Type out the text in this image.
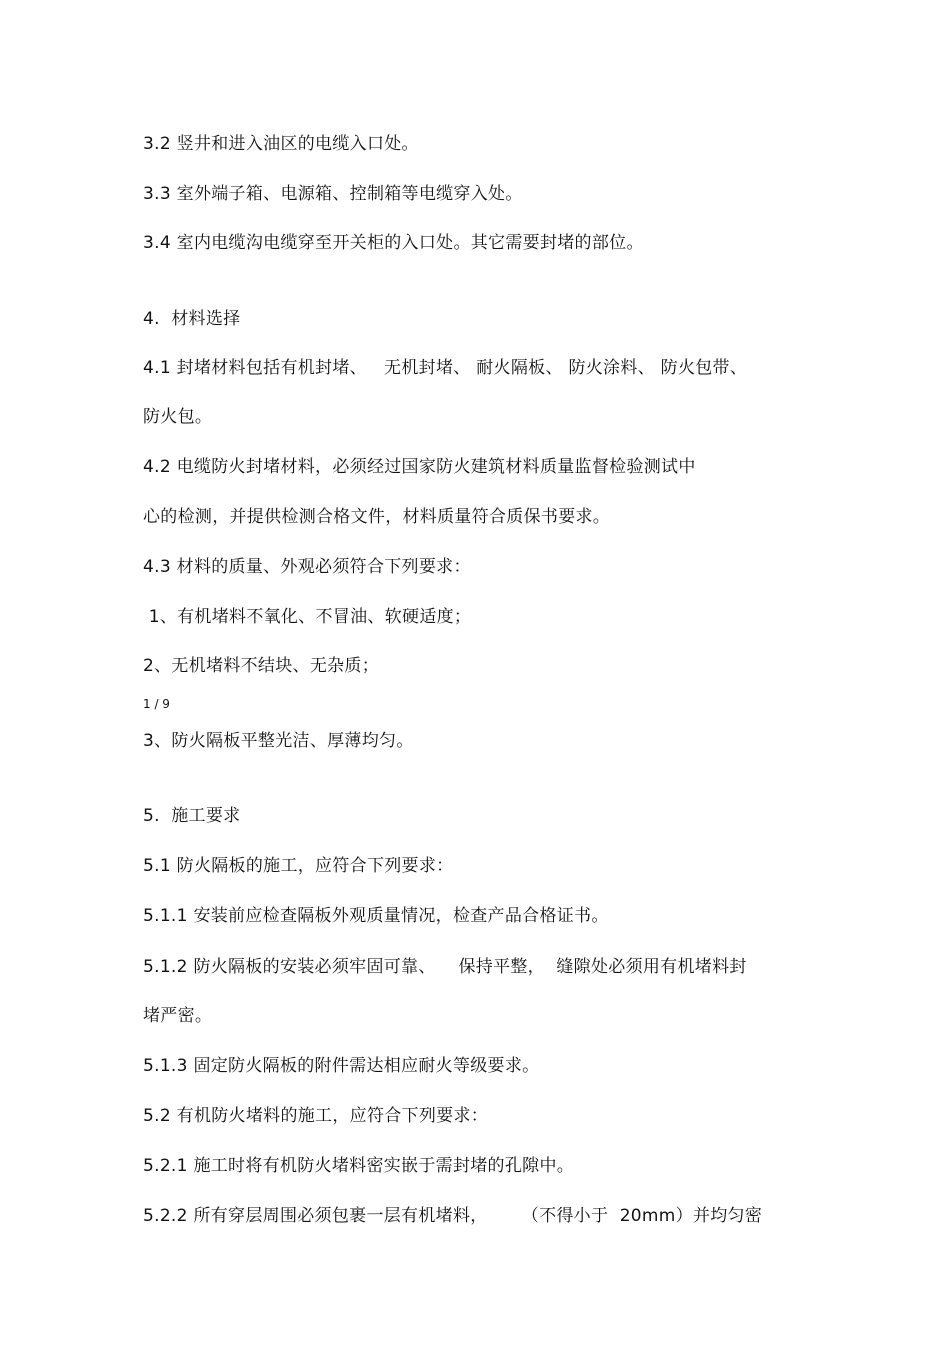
3.2 竖井和进入油区的电缆入口处。
3.3 室外端子箱、电源箱、控制箱等电缆穿入处。
3.4 室内电缆沟电缆穿至开关柜的入口处。其它需要封堵的部位。
4.  材料选择
4.1 封堵材料包括有机封堵、   无机封堵、 耐火隔板、 防火涂料、 防火包带、
防火包。
4.2 电缆防火封堵材料，必须经过国家防火建筑材料质量监督检验测试中
心的检测，并提供检测合格文件，材料质量符合质保书要求。
4.3 材料的质量、外观必须符合下列要求：
1、有机堵料不氧化、不冒油、软硬适度；
2、无机堵料不结块、无杂质；
1 / 9
3、防火隔板平整光洁、厚薄均匀。
5.  施工要求
5.1 防火隔板的施工，应符合下列要求：
5.1.1 安装前应检查隔板外观质量情况，检查产品合格证书。
5.1.2 防火隔板的安装必须牢固可靠、    保持平整，  缝隙处必须用有机堵料封
堵严密。
5.1.3 固定防火隔板的附件需达相应耐火等级要求。
5.2 有机防火堵料的施工，应符合下列要求：
5.2.1 施工时将有机防火堵料密实嵌于需封堵的孔隙中。
5.2.2 所有穿层周围必须包裹一层有机堵料，      （不得小于  20mm）并均匀密
